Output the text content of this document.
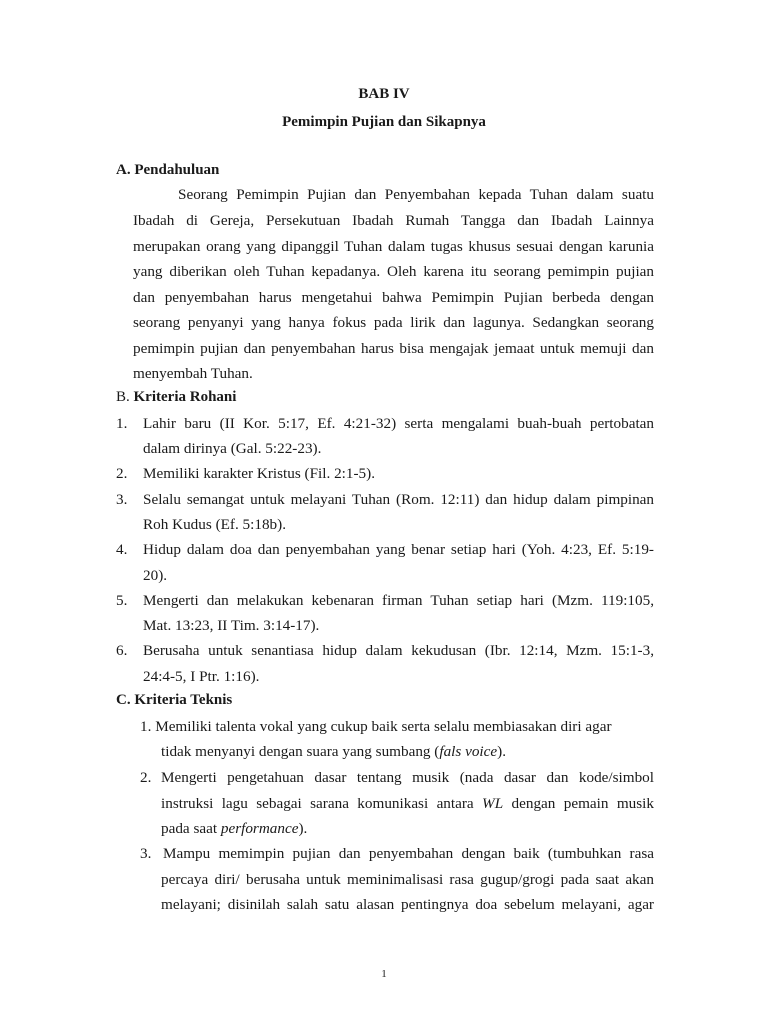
BAB IV

Pemimpin Pujian dan Sikapnya

A. Pendahuluan

Seorang Pemimpin Pujian dan Penyembahan kepada Tuhan dalam suatu

Ibadah di Gereja, Persekutuan Ibadah Rumah Tangga dan Ibadah Lainnya

merupakan orang yang dipanggil Tuhan dalam tugas khusus sesuai dengan karunia

yang diberikan oleh Tuhan kepadanya. Oleh karena itu seorang pemimpin pujian

dan penyembahan harus mengetahui bahwa Pemimpin Pujian berbeda dengan

seorang penyanyi yang hanya fokus pada lirik dan lagunya. Sedangkan seorang

pemimpin pujian dan penyembahan harus bisa mengajak jemaat untuk memuji dan

menyembah Tuhan.

B. Kriteria Rohani

1. Lahir baru (II Kor. 5:17, Ef. 4:21-32) serta mengalami buah-buah pertobatan

dalam dirinya (Gal. 5:22-23).

2. Memiliki karakter Kristus (Fil. 2:1-5).

3. Selalu semangat untuk melayani Tuhan (Rom. 12:11) dan hidup dalam pimpinan

Roh Kudus (Ef. 5:18b).

4. Hidup dalam doa dan penyembahan yang benar setiap hari (Yoh. 4:23, Ef. 5:19-

20).

5. Mengerti dan melakukan kebenaran firman Tuhan setiap hari (Mzm. 119:105,

Mat. 13:23, II Tim. 3:14-17).

6. Berusaha untuk senantiasa hidup dalam kekudusan (Ibr. 12:14, Mzm. 15:1-3,

24:4-5, I Ptr. 1:16).

C. Kriteria Teknis

1. Memiliki talenta vokal yang cukup baik serta selalu membiasakan diri agar

tidak menyanyi dengan suara yang sumbang (fals voice).

2. Mengerti pengetahuan dasar tentang musik (nada dasar dan kode/simbol

instruksi lagu sebagai sarana komunikasi antara WL dengan pemain musik

pada saat performance).

3. Mampu memimpin pujian dan penyembahan dengan baik (tumbuhkan rasa

percaya diri/ berusaha untuk meminimalisasi rasa gugup/grogi pada saat akan

melayani; disinilah salah satu alasan pentingnya doa sebelum melayani, agar

1
